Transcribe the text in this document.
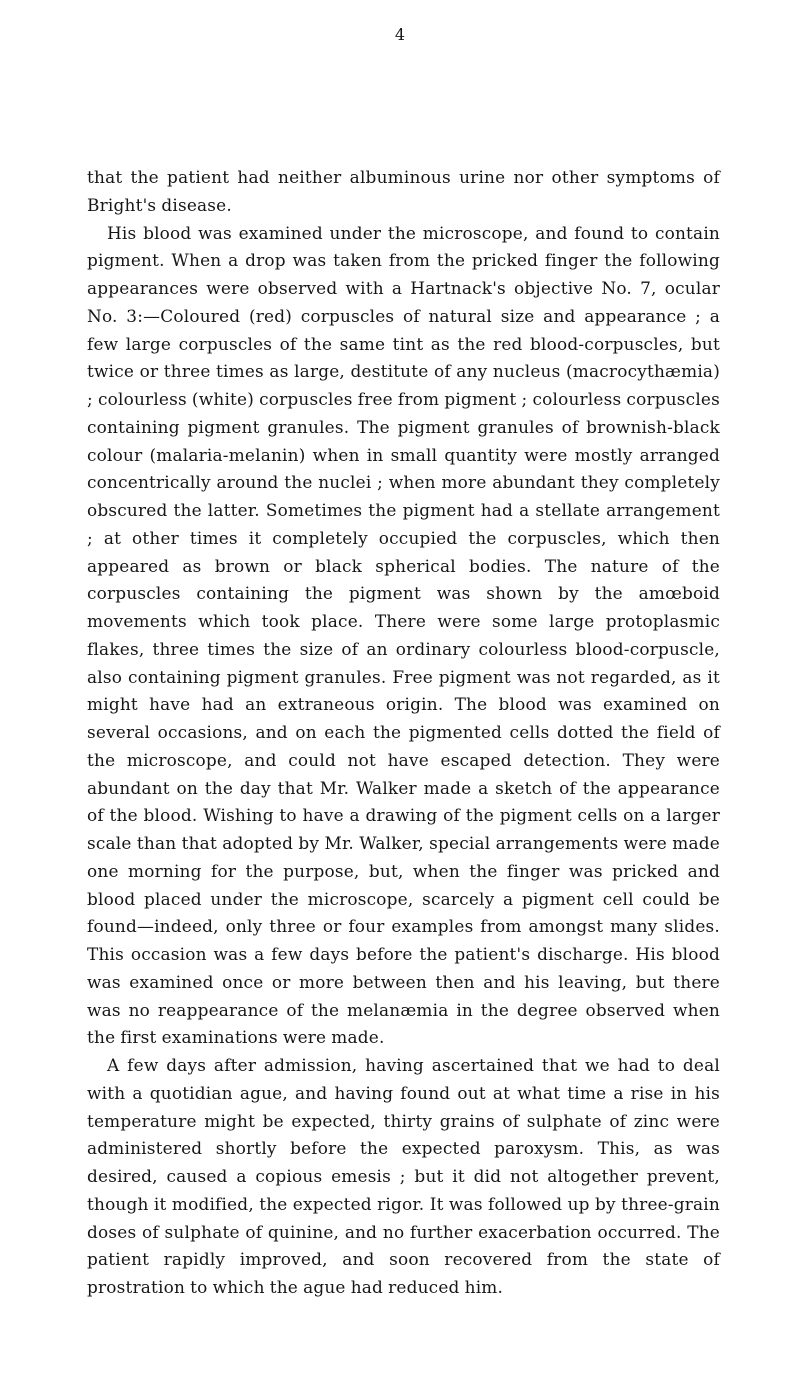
4

that the patient had neither albuminous urine nor other symptoms of Bright's disease.

His blood was examined under the microscope, and found to contain pigment. When a drop was taken from the pricked finger the following appearances were observed with a Hartnack's objective No. 7, ocular No. 3:—Coloured (red) corpuscles of natural size and appearance ; a few large corpuscles of the same tint as the red blood-corpuscles, but twice or three times as large, destitute of any nucleus (macrocythæmia) ; colourless (white) corpuscles free from pigment ; colourless corpuscles containing pigment granules. The pigment granules of brownish-black colour (malaria-melanin) when in small quantity were mostly arranged concentrically around the nuclei ; when more abundant they completely obscured the latter. Sometimes the pigment had a stellate arrangement ; at other times it completely occupied the corpuscles, which then appeared as brown or black spherical bodies. The nature of the corpuscles containing the pigment was shown by the amœboid movements which took place. There were some large protoplasmic flakes, three times the size of an ordinary colourless blood-corpuscle, also containing pigment granules. Free pigment was not regarded, as it might have had an extraneous origin. The blood was examined on several occasions, and on each the pigmented cells dotted the field of the microscope, and could not have escaped detection. They were abundant on the day that Mr. Walker made a sketch of the appearance of the blood. Wishing to have a drawing of the pigment cells on a larger scale than that adopted by Mr. Walker, special arrangements were made one morning for the purpose, but, when the finger was pricked and blood placed under the microscope, scarcely a pigment cell could be found—indeed, only three or four examples from amongst many slides. This occasion was a few days before the patient's discharge. His blood was examined once or more between then and his leaving, but there was no reappearance of the melanæmia in the degree observed when the first examinations were made.

A few days after admission, having ascertained that we had to deal with a quotidian ague, and having found out at what time a rise in his temperature might be expected, thirty grains of sulphate of zinc were administered shortly before the expected paroxysm. This, as was desired, caused a copious emesis ; but it did not altogether prevent, though it modified, the expected rigor. It was followed up by three-grain doses of sulphate of quinine, and no further exacerbation occurred. The patient rapidly improved, and soon recovered from the state of prostration to which the ague had reduced him.
